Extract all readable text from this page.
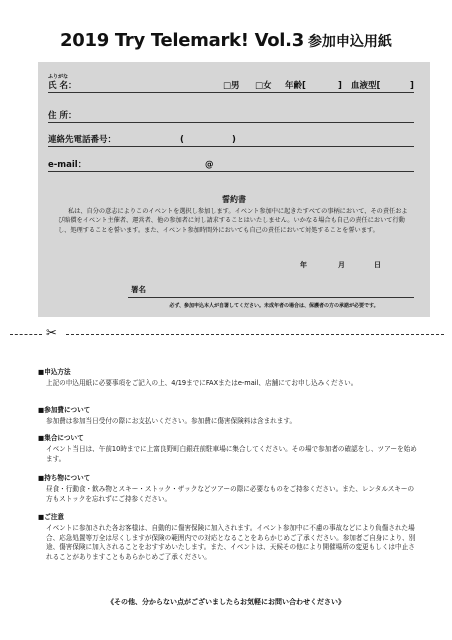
2019 Try Telemark! Vol.3 参加申込用紙
ふりがな
氏 名：	□男 □女 年齢[	] 血液型[	]
住 所：
連絡先電話番号：	(	)
e-mail：	@
誓約書
私は、自分の意志によりこのイベントを選択し参加します。イベント参加中に起きたすべての事柄において、その責任および賠償をイベント主催者、運営者、他の参加者に対し請求することはいたしません。いかなる場合も自己の責任において行動し、処理することを誓います。また、イベント参加時間外においても自己の責任において対処することを誓います。
年	月	日
署名
必ず、参加申込本人が自署してください。未成年者の場合は、保護者の方の承諾が必要です。
✂
■申込方法
上記の申込用紙に必要事項をご記入の上、4/19までにFAXまたはe-mail、店舗にてお申し込みください。
■参加費について
参加費は参加当日受付の際にお支払いください。参加費に傷害保険料は含まれます。
■集合について
イベント当日は、午前10時までに上富良野町白銀荘前駐車場に集合してください。その場で参加者の確認をし、ツアーを始めます。
■持ち物について
昼食・行動食・飲み物とスキー・ストック・ザックなどツアーの際に必要なものをご持参ください。また、レンタルスキーの方もストックを忘れずにご持参ください。
■ご注意
イベントに参加された各お客様は、自動的に傷害保険に加入されます。イベント参加中に不慮の事故などにより負傷された場合、応急処置等万全は尽くしますが保険の範囲内での対応となることをあらかじめご了承ください。参加者ご自身により、別途、傷害保険に加入されることをおすすめいたします。また、イベントは、天候その他により開催場所の変更もしくは中止されることがありますこともあらかじめご了承ください。
《その他、分からない点がございましたらお気軽にお問い合わせください》
